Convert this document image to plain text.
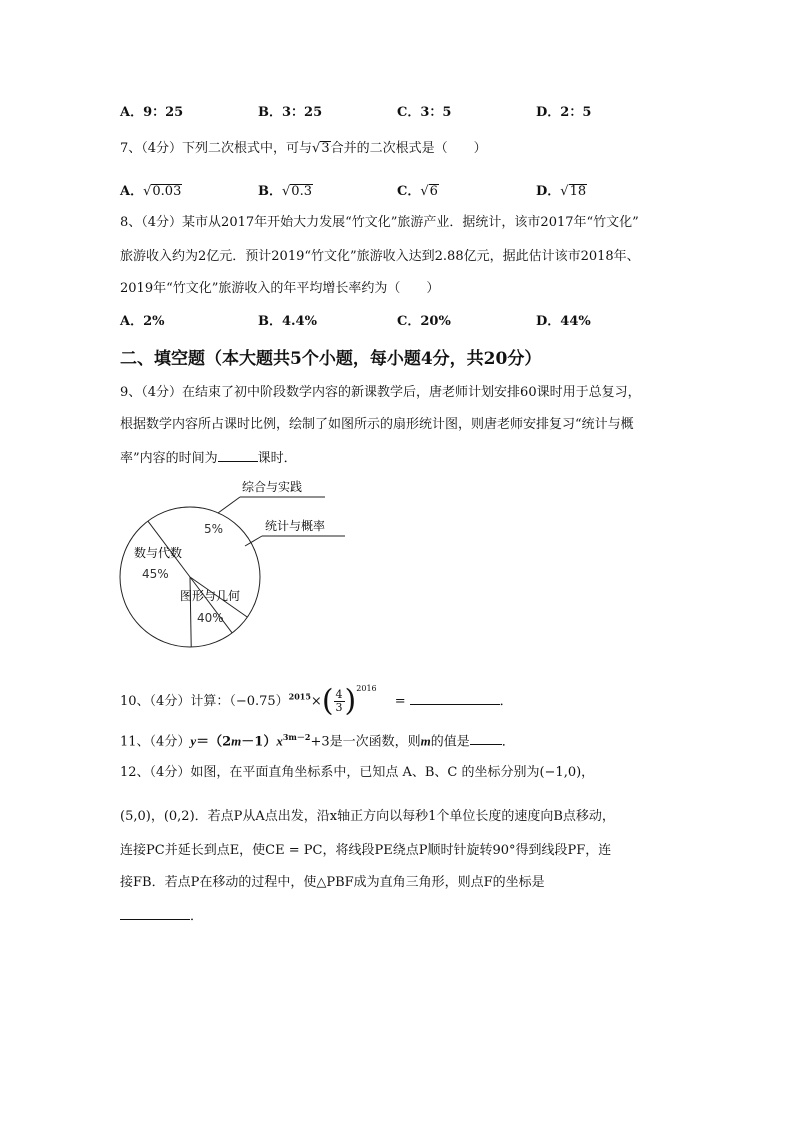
A．9：25	B．3：25	C．3：5	D．2：5
7、（4分）下列二次根式中，可与√3合并的二次根式是（　　）
A．√0.03	B．√0.3	C．√6	D．√18
8、（4分）某市从2017年开始大力发展“竹文化”旅游产业．据统计，该市2017年“竹文化”
旅游收入约为2亿元．预计2019“竹文化”旅游收入达到2.88亿元，据此估计该市2018年、
2019年“竹文化”旅游收入的年平均增长率约为（　　）
A．2%	B．4.4%	C．20%	D．44%
二、填空题（本大题共5个小题，每小题4分，共20分）
9、（4分）在结束了初中阶段数学内容的新课教学后，唐老师计划安排60课时用于总复习，
根据数学内容所占课时比例，绘制了如图所示的扇形统计图，则唐老师安排复习“统计与概
率”内容的时间为	课时．
综合与实践
统计与概率
5%
数与代数
45%
图形与几何
40%
10、（4分）计算：$(-0.75)^{2015}\times( \frac{4}{3} )^{2016}$ =	．
11、（4分）$y=(2m-1)x^{3m-2}+3$是一次函数，则m的值是 ．
12、（4分）如图，在平面直角坐标系中，已知点 A、B、C 的坐标分别为(−1,0)，
(5,0)，(0,2)．若点P从A点出发，沿x轴正方向以每秒1个单位长度的速度向B点移动，
连接PC并延长到点E，使CE = PC，将线段PE绕点P顺时针旋转90°得到线段PF，连
接FB．若点P在移动的过程中，使△PBF成为直角三角形，则点F的坐标是
．
